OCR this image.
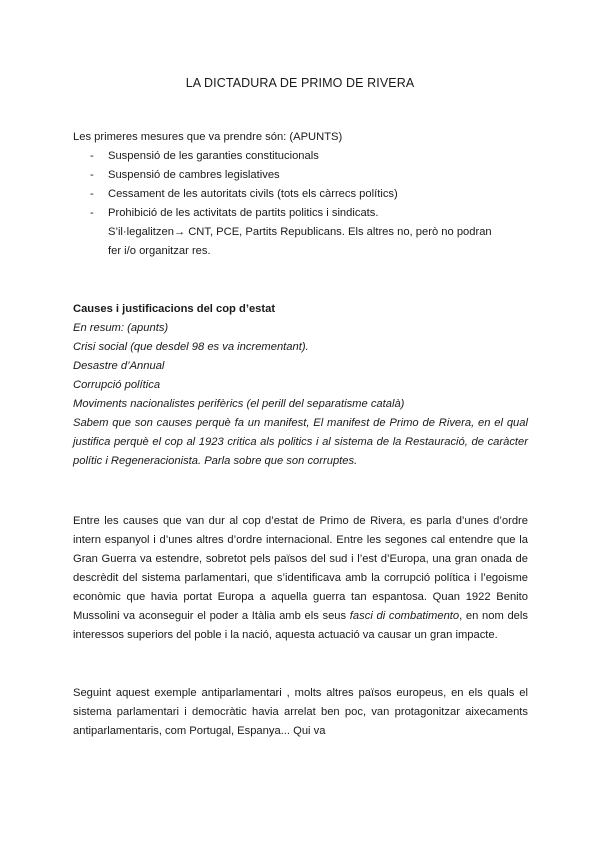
LA DICTADURA DE PRIMO DE RIVERA
Les primeres mesures que va prendre són: (APUNTS)
- Suspensió de les garanties constitucionals
- Suspensió de cambres legislatives
- Cessament de les autoritats civils (tots els càrrecs polítics)
- Prohibició de les activitats de partits politics i sindicats.
S’il·legalitzen→ CNT, PCE, Partits Republicans. Els altres no, però no podran
fer i/o organitzar res.
Causes i justificacions del cop d’estat
En resum: (apunts)
Crisi social (que desdel 98 es va incrementant).
Desastre d’Annual
Corrupció política
Moviments nacionalistes perifèrics (el perill del separatisme català)
Sabem que son causes perquè fa un manifest, El manifest de Primo de Rivera, en el qual justifica perquè el cop al 1923 critica als politics i al sistema de la Restauració, de caràcter polític i Regeneracionista. Parla sobre que son corruptes.
Entre les causes que van dur al cop d’estat de Primo de Rivera, es parla d’unes d’ordre intern espanyol i d’unes altres d’ordre internacional. Entre les segones cal entendre que la Gran Guerra va estendre, sobretot pels països del sud i l’est d’Europa, una gran onada de descrèdit del sistema parlamentari, que s’identificava amb la corrupció política i l’egoisme econòmic que havia portat Europa a aquella guerra tan espantosa. Quan 1922 Benito Mussolini va aconseguir el poder a Itàlia amb els seus fasci di combatimento, en nom dels interessos superiors del poble i la nació, aquesta actuació va causar un gran impacte.
Seguint aquest exemple antiparlamentari , molts altres països europeus, en els quals el sistema parlamentari i democràtic havia arrelat ben poc, van protagonitzar aixecaments antiparlamentaris, com Portugal, Espanya... Qui va
